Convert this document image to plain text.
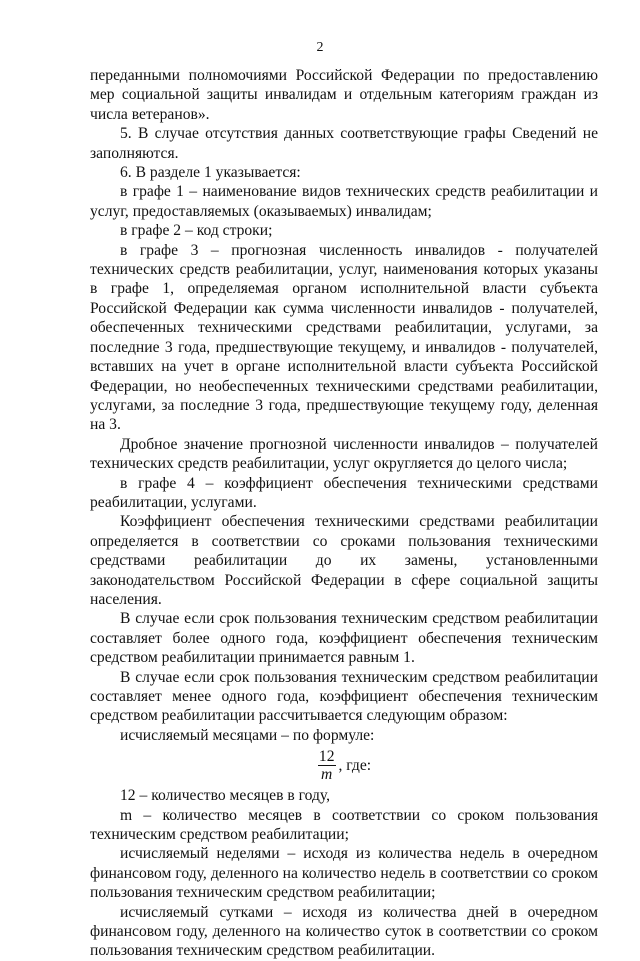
2

переданными полномочиями Российской Федерации по предоставлению мер социальной защиты инвалидам и отдельным категориям граждан из числа ветеранов».

5. В случае отсутствия данных соответствующие графы Сведений не заполняются.

6. В разделе 1 указывается:

в графе 1 – наименование видов технических средств реабилитации и услуг, предоставляемых (оказываемых) инвалидам;

в графе 2 – код строки;

в графе 3 – прогнозная численность инвалидов - получателей технических средств реабилитации, услуг, наименования которых указаны в графе 1, определяемая органом исполнительной власти субъекта Российской Федерации как сумма численности инвалидов - получателей, обеспеченных техническими средствами реабилитации, услугами, за последние 3 года, предшествующие текущему, и инвалидов - получателей, вставших на учет в органе исполнительной власти субъекта Российской Федерации, но необеспеченных техническими средствами реабилитации, услугами, за последние 3 года, предшествующие текущему году, деленная на 3.

Дробное значение прогнозной численности инвалидов – получателей технических средств реабилитации, услуг округляется до целого числа;

в графе 4 – коэффициент обеспечения техническими средствами реабилитации, услугами.

Коэффициент обеспечения техническими средствами реабилитации определяется в соответствии со сроками пользования техническими средствами реабилитации до их замены, установленными законодательством Российской Федерации в сфере социальной защиты населения.

В случае если срок пользования техническим средством реабилитации составляет более одного года, коэффициент обеспечения техническим средством реабилитации принимается равным 1.

В случае если срок пользования техническим средством реабилитации составляет менее одного года, коэффициент обеспечения техническим средством реабилитации рассчитывается следующим образом:

исчисляемый месяцами – по формуле:

$\frac{12}{m}$ , где:

12 – количество месяцев в году,

m – количество месяцев в соответствии со сроком пользования техническим средством реабилитации;

исчисляемый неделями – исходя из количества недель в очередном финансовом году, деленного на количество недель в соответствии со сроком пользования техническим средством реабилитации;

исчисляемый сутками – исходя из количества дней в очередном финансовом году, деленного на количество суток в соответствии со сроком пользования техническим средством реабилитации.
